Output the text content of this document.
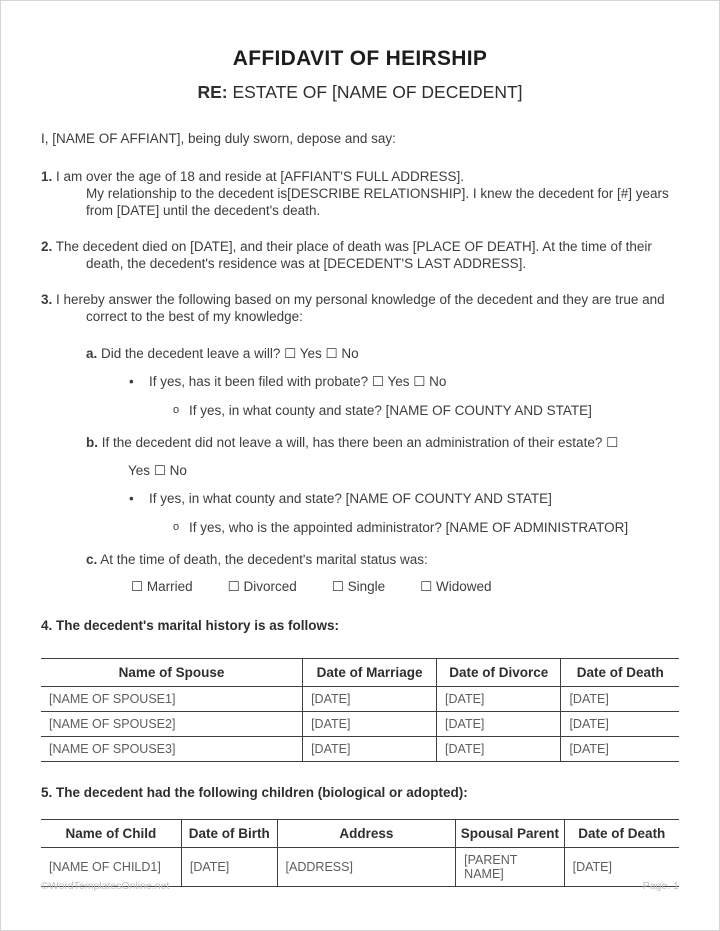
AFFIDAVIT OF HEIRSHIP
RE: ESTATE OF [NAME OF DECEDENT]

I, [NAME OF AFFIANT], being duly sworn, depose and say:

1. I am over the age of 18 and reside at [AFFIANT'S FULL ADDRESS].

My relationship to the decedent is[DESCRIBE RELATIONSHIP]. I knew the decedent for [#] years from [DATE] until the decedent's death.

2. The decedent died on [DATE], and their place of death was [PLACE OF DEATH]. At the time of their death, the decedent's residence was at [DECEDENT'S LAST ADDRESS].

3. I hereby answer the following based on my personal knowledge of the decedent and they are true and correct to the best of my knowledge:

a. Did the decedent leave a will? ☐ Yes ☐ No

•	If yes, has it been filed with probate? ☐ Yes ☐ No

o If yes, in what county and state? [NAME OF COUNTY AND STATE]

b. If the decedent did not leave a will, has there been an administration of their estate? ☐

Yes ☐ No

•	If yes, in what county and state? [NAME OF COUNTY AND STATE]

o If yes, who is the appointed administrator? [NAME OF ADMINISTRATOR]

c. At the time of death, the decedent's marital status was:

☐ Married	☐ Divorced	☐ Single	☐ Widowed

4. The decedent's marital history is as follows:

Name of Spouse	Date of Marriage	Date of Divorce	Date of Death
[NAME OF SPOUSE1]	[DATE]	[DATE]	[DATE]
[NAME OF SPOUSE2]	[DATE]	[DATE]	[DATE]
[NAME OF SPOUSE3]	[DATE]	[DATE]	[DATE]

5. The decedent had the following children (biological or adopted):

Name of Child	Date of Birth	Address	Spousal Parent	Date of Death
[NAME OF CHILD1]	[DATE]	[ADDRESS]	[PARENT NAME]	[DATE]
©WordTemplatesOnline.net	Page. 1
